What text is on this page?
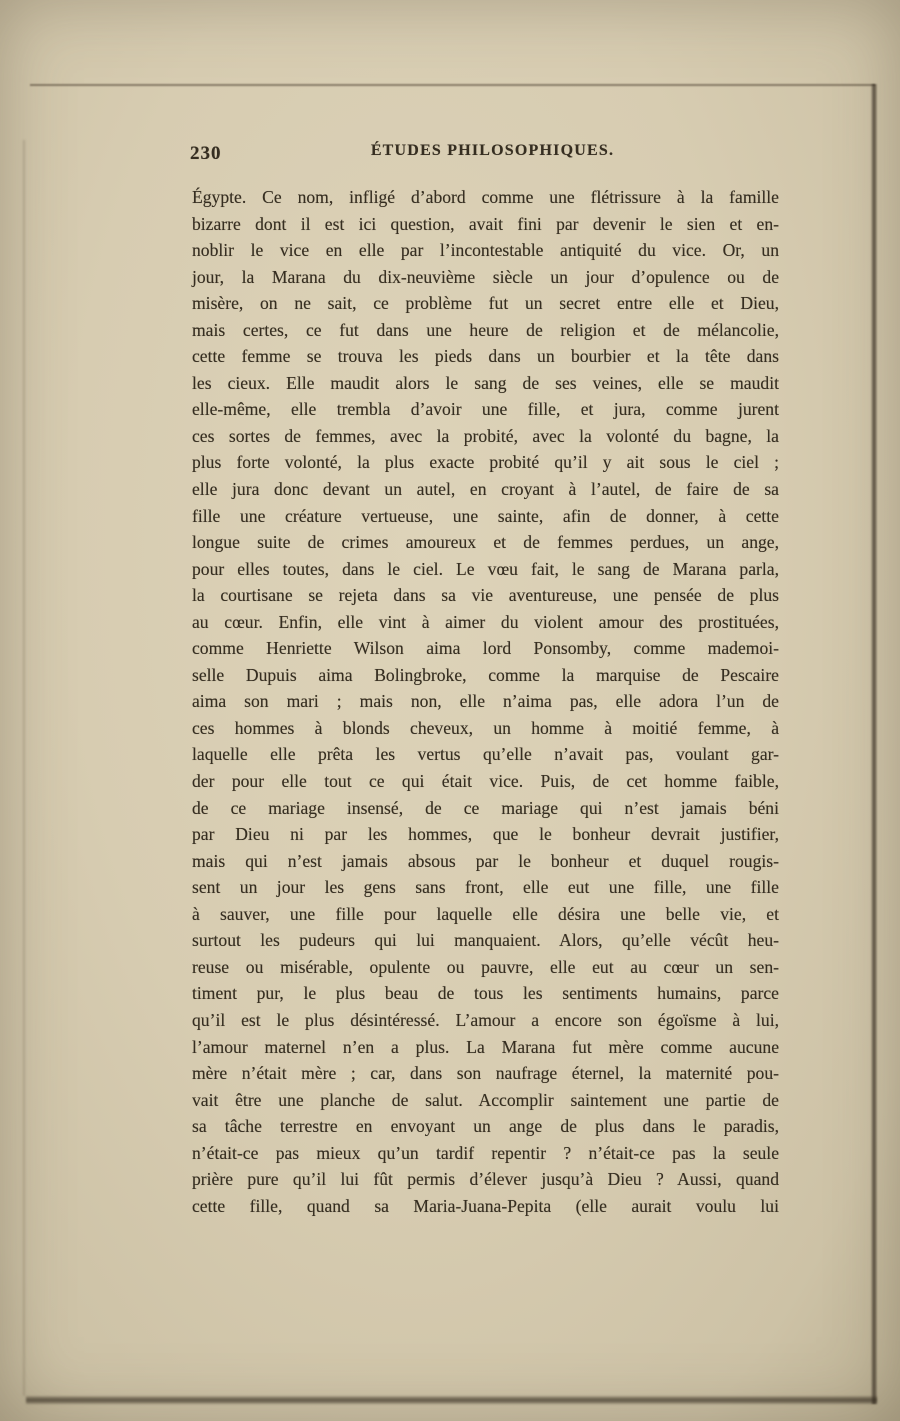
230	ÉTUDES PHILOSOPHIQUES.
Égypte. Ce nom, infligé d’abord comme une flétrissure à la famille
bizarre dont il est ici question, avait fini par devenir le sien et en-
noblir le vice en elle par l’incontestable antiquité du vice. Or, un
jour, la Marana du dix-neuvième siècle un jour d’opulence ou de
misère, on ne sait, ce problème fut un secret entre elle et Dieu,
mais certes, ce fut dans une heure de religion et de mélancolie,
cette femme se trouva les pieds dans un bourbier et la tête dans
les cieux. Elle maudit alors le sang de ses veines, elle se maudit
elle-même, elle trembla d’avoir une fille, et jura, comme jurent
ces sortes de femmes, avec la probité, avec la volonté du bagne, la
plus forte volonté, la plus exacte probité qu’il y ait sous le ciel ;
elle jura donc devant un autel, en croyant à l’autel, de faire de sa
fille une créature vertueuse, une sainte, afin de donner, à cette
longue suite de crimes amoureux et de femmes perdues, un ange,
pour elles toutes, dans le ciel. Le vœu fait, le sang de Marana parla,
la courtisane se rejeta dans sa vie aventureuse, une pensée de plus
au cœur. Enfin, elle vint à aimer du violent amour des prostituées,
comme Henriette Wilson aima lord Ponsomby, comme mademoi-
selle Dupuis aima Bolingbroke, comme la marquise de Pescaire
aima son mari ; mais non, elle n’aima pas, elle adora l’un de
ces hommes à blonds cheveux, un homme à moitié femme, à
laquelle elle prêta les vertus qu’elle n’avait pas, voulant gar-
der pour elle tout ce qui était vice. Puis, de cet homme faible,
de ce mariage insensé, de ce mariage qui n’est jamais béni
par Dieu ni par les hommes, que le bonheur devrait justifier,
mais qui n’est jamais absous par le bonheur et duquel rougis-
sent un jour les gens sans front, elle eut une fille, une fille
à sauver, une fille pour laquelle elle désira une belle vie, et
surtout les pudeurs qui lui manquaient. Alors, qu’elle vécût heu-
reuse ou misérable, opulente ou pauvre, elle eut au cœur un sen-
timent pur, le plus beau de tous les sentiments humains, parce
qu’il est le plus désintéressé. L’amour a encore son égoïsme à lui,
l’amour maternel n’en a plus. La Marana fut mère comme aucune
mère n’était mère ; car, dans son naufrage éternel, la maternité pou-
vait être une planche de salut. Accomplir saintement une partie de
sa tâche terrestre en envoyant un ange de plus dans le paradis,
n’était-ce pas mieux qu’un tardif repentir ? n’était-ce pas la seule
prière pure qu’il lui fût permis d’élever jusqu’à Dieu ? Aussi, quand
cette fille, quand sa Maria-Juana-Pepita (elle aurait voulu lui
